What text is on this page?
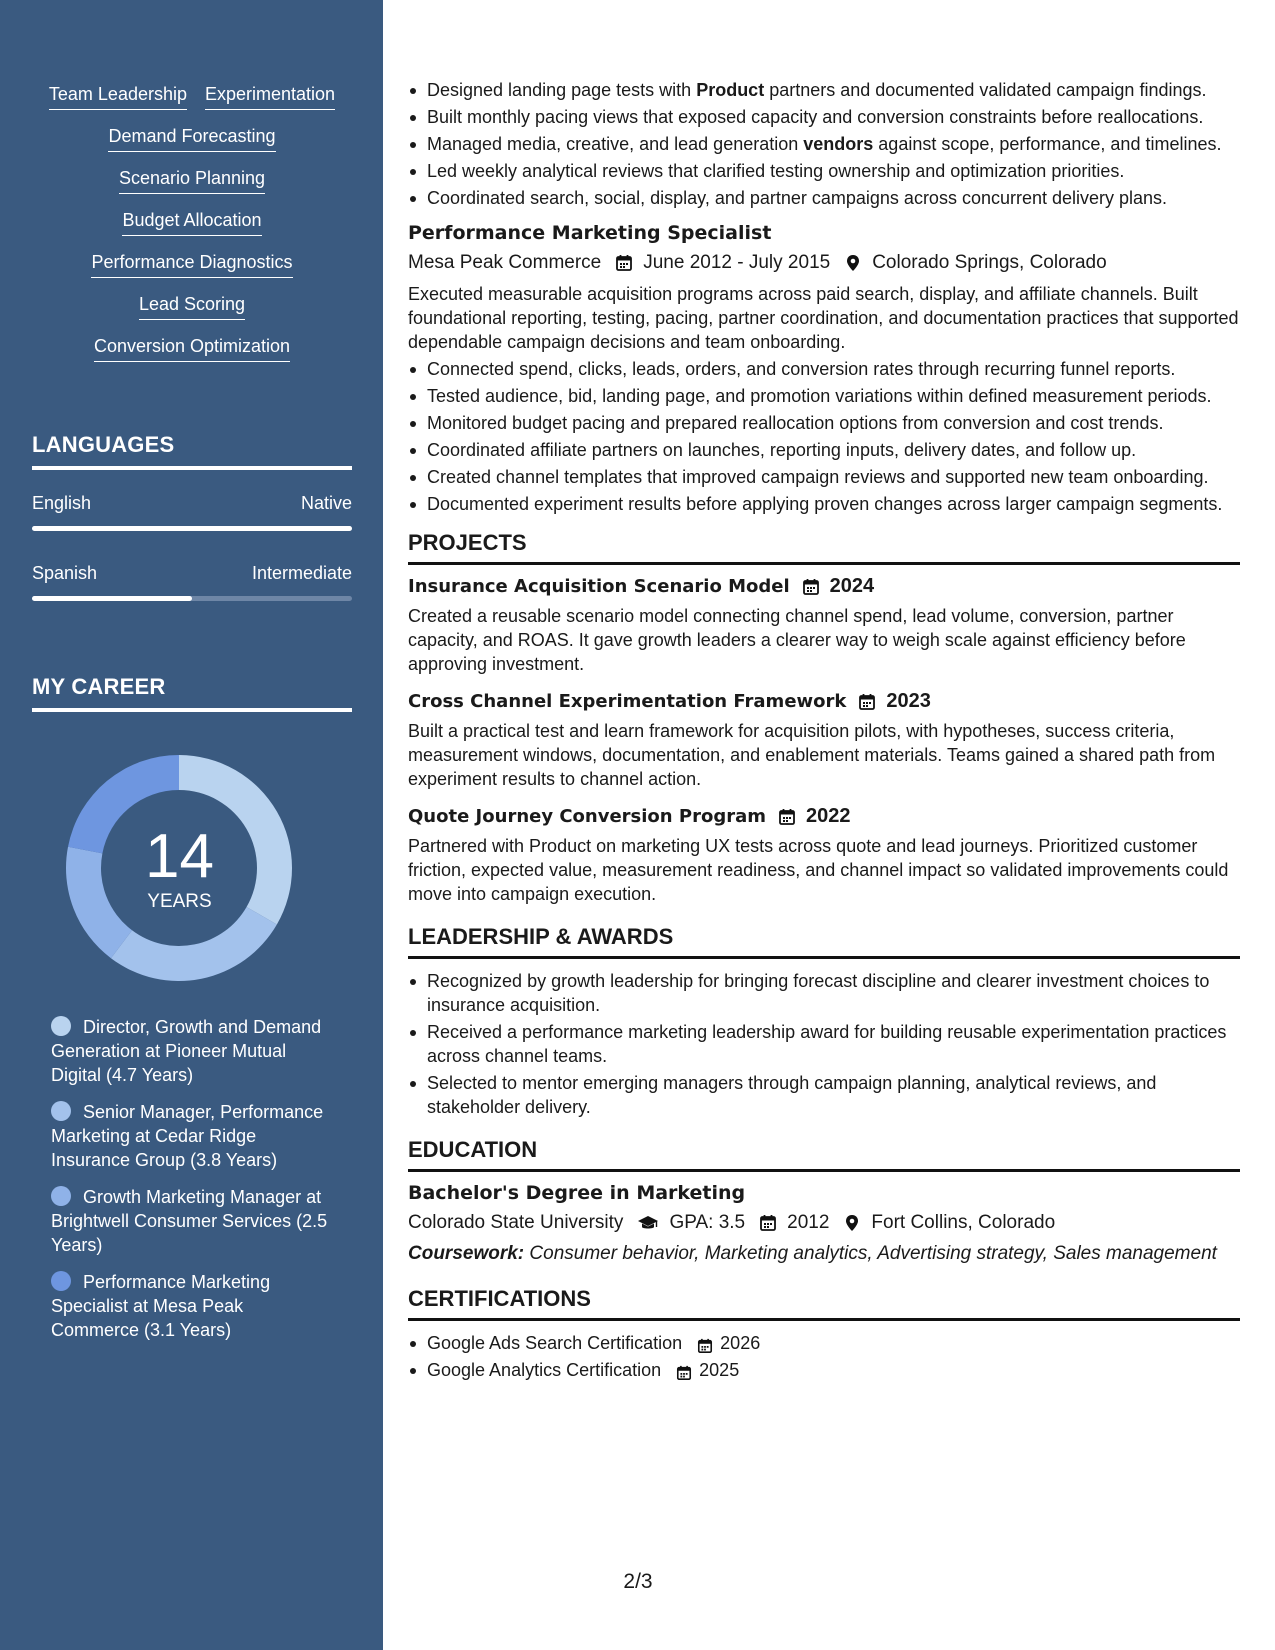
Team Leadership Experimentation
Demand Forecasting
Scenario Planning
Budget Allocation
Performance Diagnostics
Lead Scoring
Conversion Optimization
LANGUAGES
English	Native
Spanish	Intermediate
MY CAREER
14
YEARS
Director, Growth and Demand Generation at Pioneer Mutual Digital (4.7 Years)
Senior Manager, Performance Marketing at Cedar Ridge Insurance Group (3.8 Years)
Growth Marketing Manager at Brightwell Consumer Services (2.5 Years)
Performance Marketing Specialist at Mesa Peak Commerce (3.1 Years)
Designed landing page tests with Product partners and documented validated campaign findings.
Built monthly pacing views that exposed capacity and conversion constraints before reallocations.
Managed media, creative, and lead generation vendors against scope, performance, and timelines.
Led weekly analytical reviews that clarified testing ownership and optimization priorities.
Coordinated search, social, display, and partner campaigns across concurrent delivery plans.
Performance Marketing Specialist
Mesa Peak Commerce June 2012 - July 2015 Colorado Springs, Colorado
Executed measurable acquisition programs across paid search, display, and affiliate channels. Built foundational reporting, testing, pacing, partner coordination, and documentation practices that supported dependable campaign decisions and team onboarding.
Connected spend, clicks, leads, orders, and conversion rates through recurring funnel reports.
Tested audience, bid, landing page, and promotion variations within defined measurement periods.
Monitored budget pacing and prepared reallocation options from conversion and cost trends.
Coordinated affiliate partners on launches, reporting inputs, delivery dates, and follow up.
Created channel templates that improved campaign reviews and supported new team onboarding.
Documented experiment results before applying proven changes across larger campaign segments.
PROJECTS
Insurance Acquisition Scenario Model 2024
Created a reusable scenario model connecting channel spend, lead volume, conversion, partner capacity, and ROAS. It gave growth leaders a clearer way to weigh scale against efficiency before approving investment.
Cross Channel Experimentation Framework 2023
Built a practical test and learn framework for acquisition pilots, with hypotheses, success criteria, measurement windows, documentation, and enablement materials. Teams gained a shared path from experiment results to channel action.
Quote Journey Conversion Program 2022
Partnered with Product on marketing UX tests across quote and lead journeys. Prioritized customer friction, expected value, measurement readiness, and channel impact so validated improvements could move into campaign execution.
LEADERSHIP & AWARDS
Recognized by growth leadership for bringing forecast discipline and clearer investment choices to insurance acquisition.
Received a performance marketing leadership award for building reusable experimentation practices across channel teams.
Selected to mentor emerging managers through campaign planning, analytical reviews, and stakeholder delivery.
EDUCATION
Bachelor's Degree in Marketing
Colorado State University GPA: 3.5 2012 Fort Collins, Colorado
Coursework: Consumer behavior, Marketing analytics, Advertising strategy, Sales management
CERTIFICATIONS
Google Ads Search Certification 2026
Google Analytics Certification 2025
2/3
